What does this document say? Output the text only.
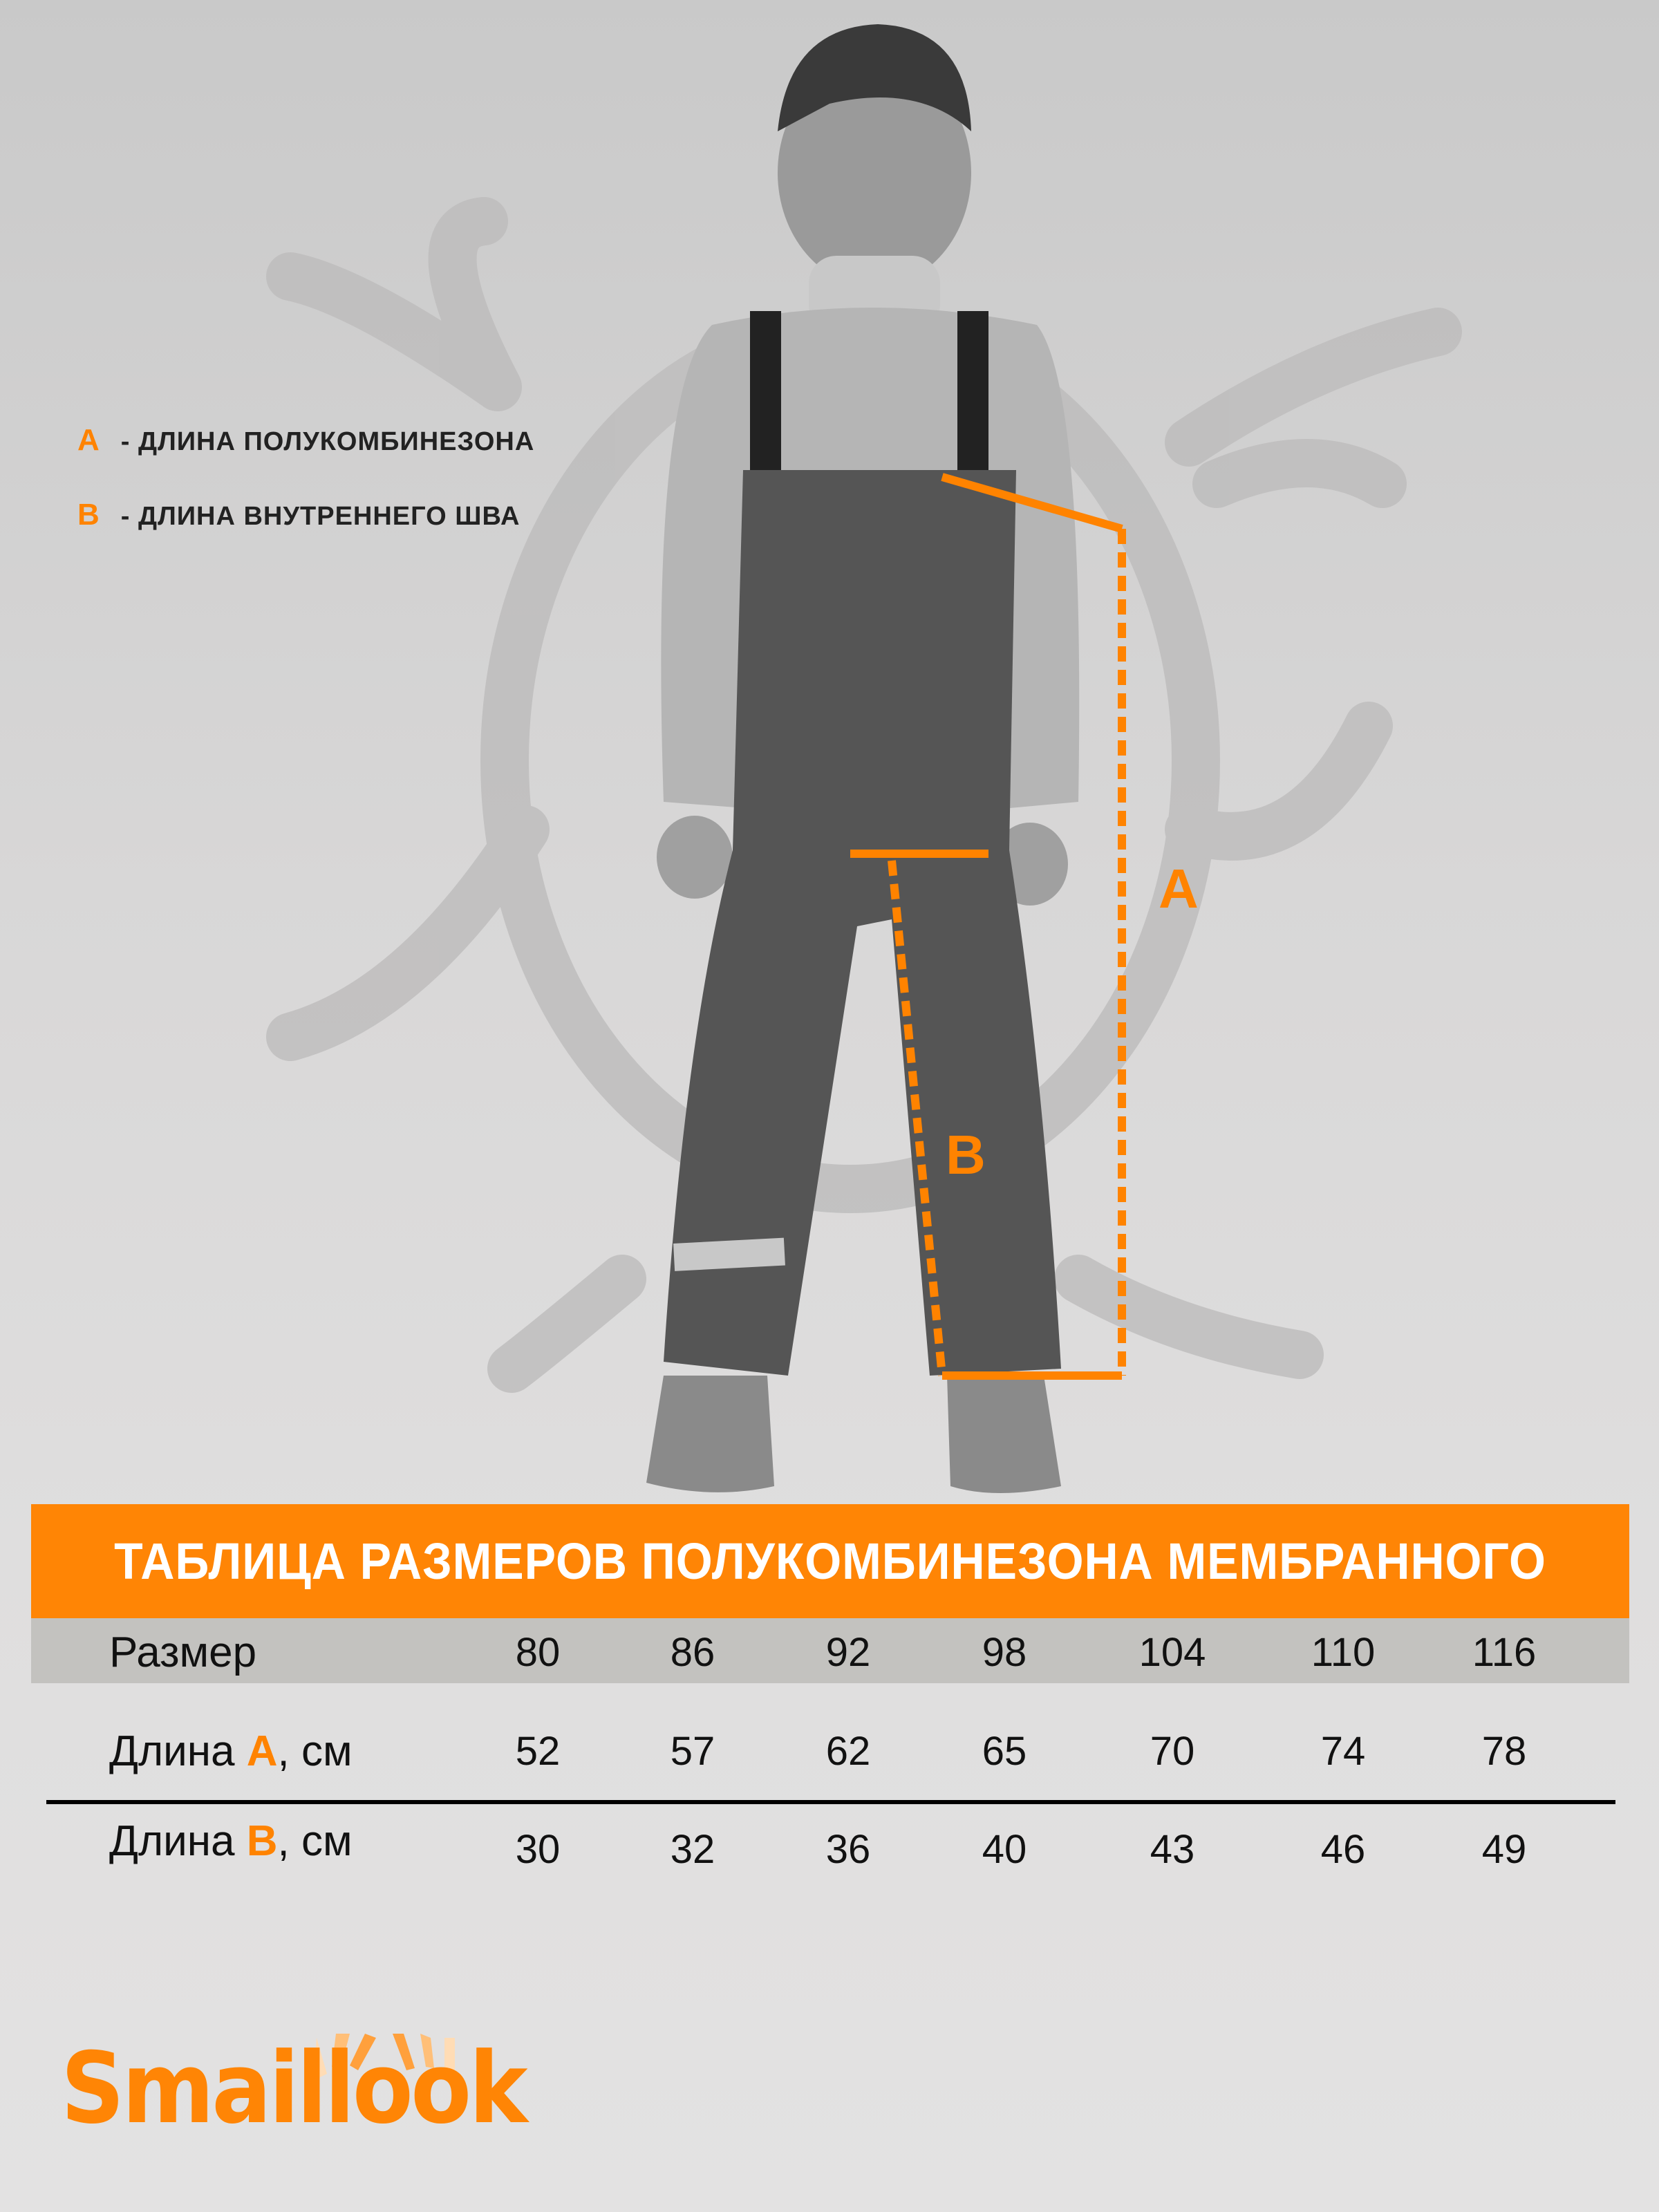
A - ДЛИНА ПОЛУКОМБИНЕЗОНА
B - ДЛИНА ВНУТРЕННЕГО ШВА
A
B
ТАБЛИЦА РАЗМЕРОВ ПОЛУКОМБИНЕЗОНА МЕМБРАННОГО
Размер	80	86	92	98	104	110	116
Длина A, см	52	57	62	65	70	74	78
Длина B, см	30	32	36	40	43	46	49
Smaillook
